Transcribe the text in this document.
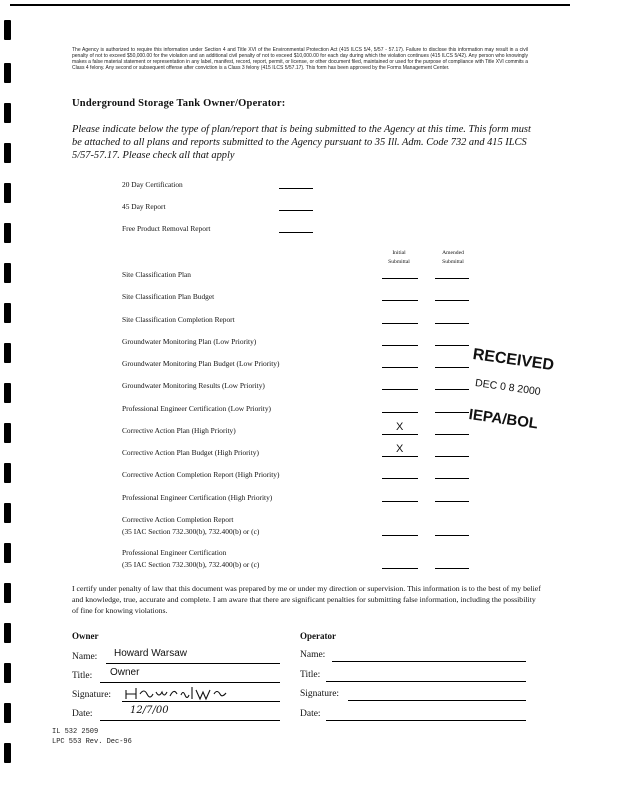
The Agency is authorized to require this information under Section 4 and Title XVI of the Environmental Protection Act (415 ILCS 5/4, 5/57 - 57.17). Failure to disclose this information may result in a civil penalty of not to exceed $50,000.00 for the violation and an additional civil penalty of not to exceed $10,000.00 for each day during which the violation continues (415 ILCS 5/42). Any person who knowingly makes a false material statement or representation in any label, manifest, record, report, permit, or license, or other document filed, maintained or used for the purpose of compliance with Title XVI commits a Class 4 felony. Any second or subsequent offense after conviction is a Class 3 felony (415 ILCS 5/57.17). This form has been approved by the Forms Management Center.
Underground Storage Tank Owner/Operator:
Please indicate below the type of plan/report that is being submitted to the Agency at this time. This form must be attached to all plans and reports submitted to the Agency pursuant to 35 Ill. Adm. Code 732 and 415 ILCS 5/57-57.17. Please check all that apply
20 Day Certification
45 Day Report
Free Product Removal Report
Initial
Submittal
Amended
Submittal
Site Classification Plan
Site Classification Plan Budget
Site Classification Completion Report
Groundwater Monitoring Plan (Low Priority)
Groundwater Monitoring Plan Budget (Low Priority)
Groundwater Monitoring Results (Low Priority)
Professional Engineer Certification (Low Priority)
Corrective Action Plan (High Priority)	X
Corrective Action Plan Budget (High Priority)	X
Corrective Action Completion Report (High Priority)
Professional Engineer Certification (High Priority)
Corrective Action Completion Report
(35 IAC Section 732.300(b), 732.400(b) or (c)
Professional Engineer Certification
(35 IAC Section 732.300(b), 732.400(b) or (c)
RECEIVED
DEC 0 8 2000
IEPA/BOL
I certify under penalty of law that this document was prepared by me or under my direction or supervision. This information is to the best of my belief and knowledge, true, accurate and complete. I am aware that there are significant penalties for submitting false information, including the possibility of fine for knowing violations.
Owner
Name: Howard Warsaw
Title: Owner
Signature:
Date:	12/7/00
Operator
Name:
Title:
Signature:
Date:
IL 532 2509
LPC 553 Rev. Dec-96
